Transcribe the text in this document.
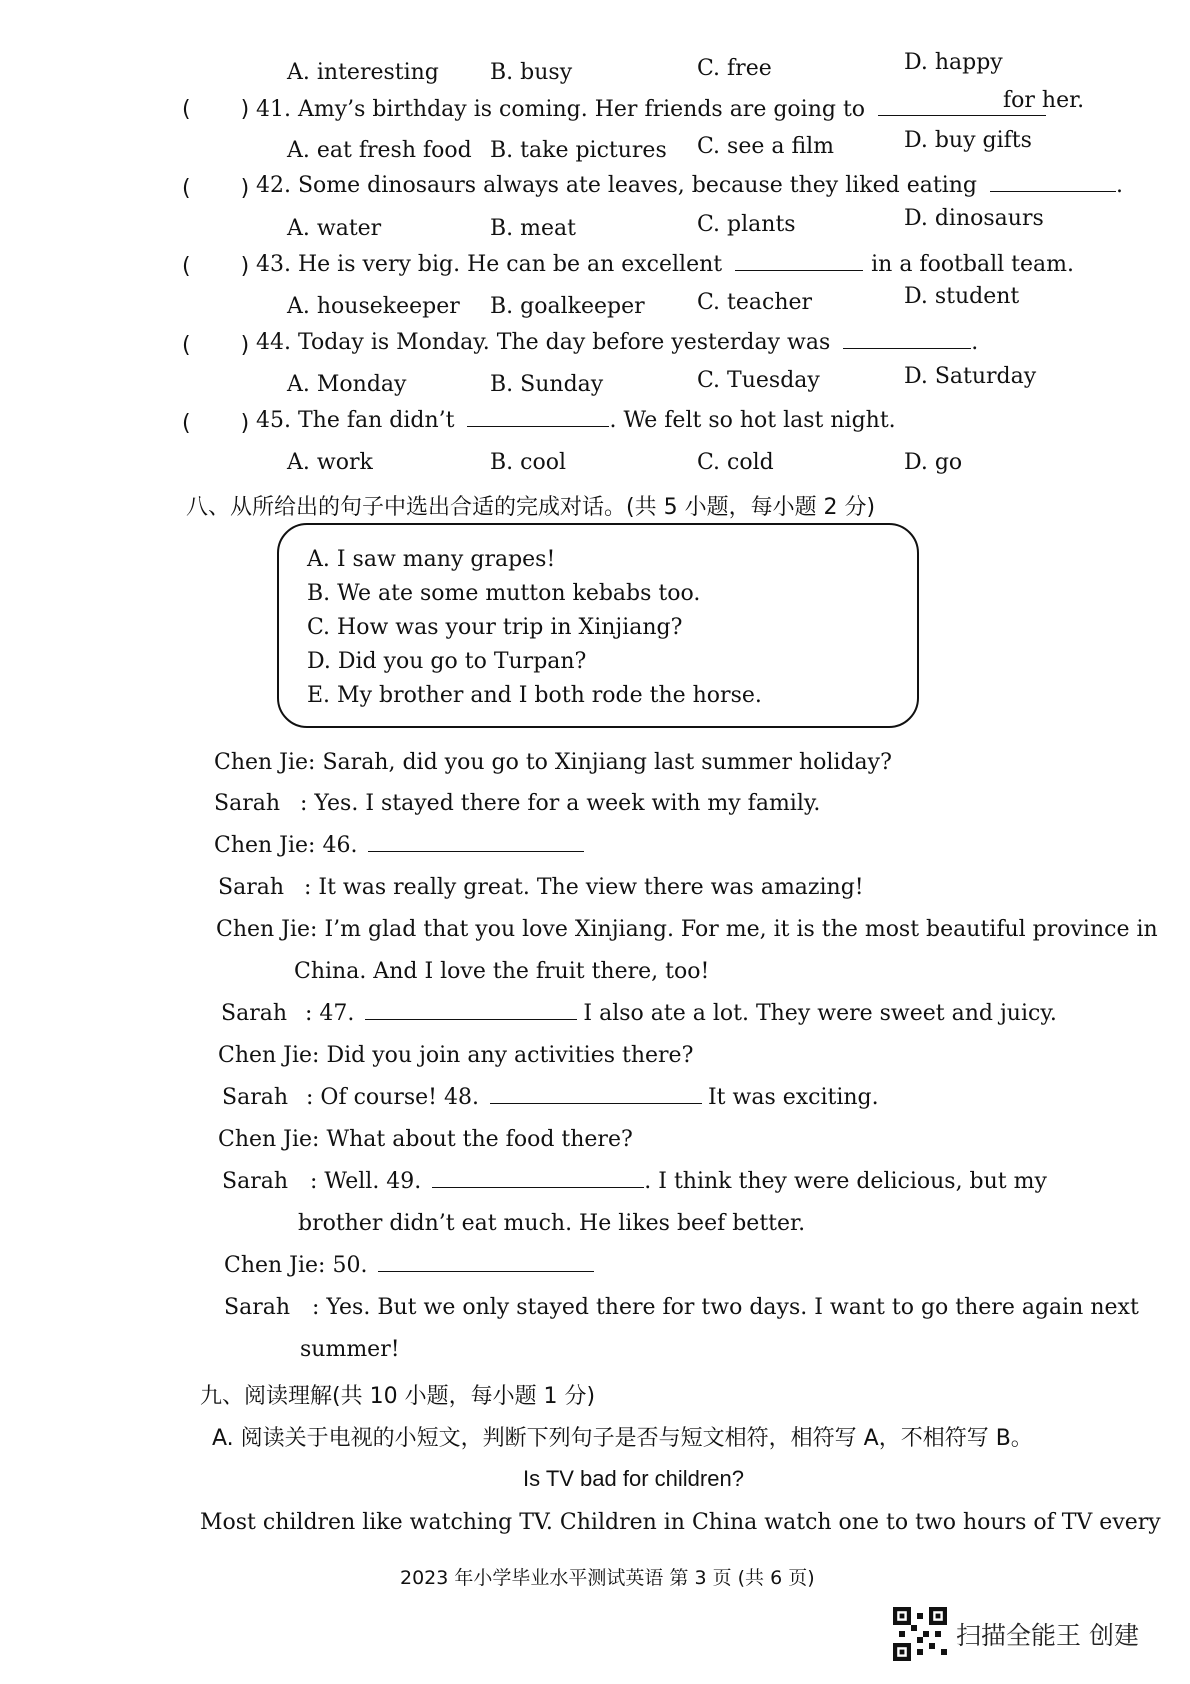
A. interesting B. busy	C. free	D. happy
( ) 41. Amy’s birthday is coming. Her friends are going to	for her.
A. eat fresh food B. take pictures C. see a film	D. buy gifts
( ) 42. Some dinosaurs always ate leaves, because they liked eating	.
A. water	B. meat	C. plants	D. dinosaurs
( ) 43. He is very big. He can be an excellent	in a football team.
A. housekeeper B. goalkeeper C. teacher	D. student
( ) 44. Today is Monday. The day before yesterday was	.
A. Monday	B. Sunday	C. Tuesday	D. Saturday
( ) 45. The fan didn’t	. We felt so hot last night.
A. work	B. cool	C. cold	D. go
八、从所给出的句子中选出合适的完成对话。(共 5 小题，每小题 2 分)
A. I saw many grapes!
B. We ate some mutton kebabs too.
C. How was your trip in Xinjiang?
D. Did you go to Turpan?
E. My brother and I both rode the horse.
Chen Jie: Sarah, did you go to Xinjiang last summer holiday?
Sarah : Yes. I stayed there for a week with my family.
Chen Jie: 46.
Sarah : It was really great. The view there was amazing!
Chen Jie: I’m glad that you love Xinjiang. For me, it is the most beautiful province in
China. And I love the fruit there, too!
Sarah : 47.	I also ate a lot. They were sweet and juicy.
Chen Jie: Did you join any activities there?
Sarah : Of course! 48.	It was exciting.
Chen Jie: What about the food there?
Sarah : Well. 49.	. I think they were delicious, but my
brother didn’t eat much. He likes beef better.
Chen Jie: 50.
Sarah : Yes. But we only stayed there for two days. I want to go there again next
summer!
九、阅读理解(共 10 小题，每小题 1 分)
A. 阅读关于电视的小短文，判断下列句子是否与短文相符，相符写 A，不相符写 B。
Is TV bad for children?
Most children like watching TV. Children in China watch one to two hours of TV every
2023 年小学毕业水平测试英语 第 3 页 (共 6 页)
扫描全能王 创建
